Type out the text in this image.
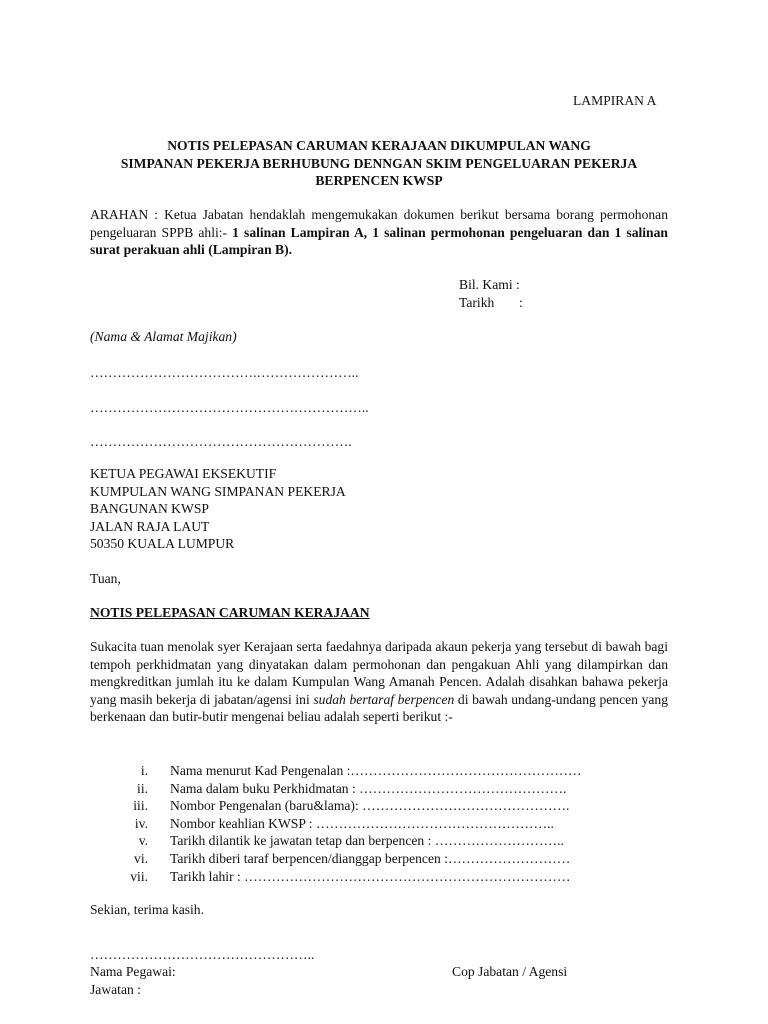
LAMPIRAN A
NOTIS PELEPASAN CARUMAN KERAJAAN DIKUMPULAN WANG
SIMPANAN PEKERJA BERHUBUNG DENNGAN SKIM PENGELUARAN PEKERJA
BERPENCEN KWSP
ARAHAN : Ketua Jabatan hendaklah mengemukakan dokumen berikut bersama borang permohonan pengeluaran SPPB ahli:- 1 salinan Lampiran A, 1 salinan permohonan pengeluaran dan 1 salinan surat perakuan ahli (Lampiran B).
Bil. Kami :
Tarikh	:
(Nama & Alamat Majikan)
……………………………….…………………..
……………………………………………………..
………………………………………………….
KETUA PEGAWAI EKSEKUTIF
KUMPULAN WANG SIMPANAN PEKERJA
BANGUNAN KWSP
JALAN RAJA LAUT
50350 KUALA LUMPUR
Tuan,
NOTIS PELEPASAN CARUMAN KERAJAAN
Sukacita tuan menolak syer Kerajaan serta faedahnya daripada akaun pekerja yang tersebut di bawah bagi tempoh perkhidmatan yang dinyatakan dalam permohonan dan pengakuan Ahli yang dilampirkan dan mengkreditkan jumlah itu ke dalam Kumpulan Wang Amanah Pencen. Adalah disahkan bahawa pekerja yang masih bekerja di jabatan/agensi ini sudah bertaraf berpencen di bawah undang-undang pencen yang berkenaan dan butir-butir mengenai beliau adalah seperti berikut :-
i.	Nama menurut Kad Pengenalan :……………………………………………
ii.	Nama dalam buku Perkhidmatan : ……………………………………….
iii.	Nombor Pengenalan (baru&lama): ……………………………………….
iv.	Nombor keahlian KWSP : ……………………………………………..
v.	Tarikh dilantik ke jawatan tetap dan berpencen : ………………………..
vi.	Tarikh diberi taraf berpencen/dianggap berpencen :………………………
vii.	Tarikh lahir : ………………………………………………………………
Sekian, terima kasih.
…………………………………………..
Nama Pegawai:
Jawatan :
Cop Jabatan / Agensi
